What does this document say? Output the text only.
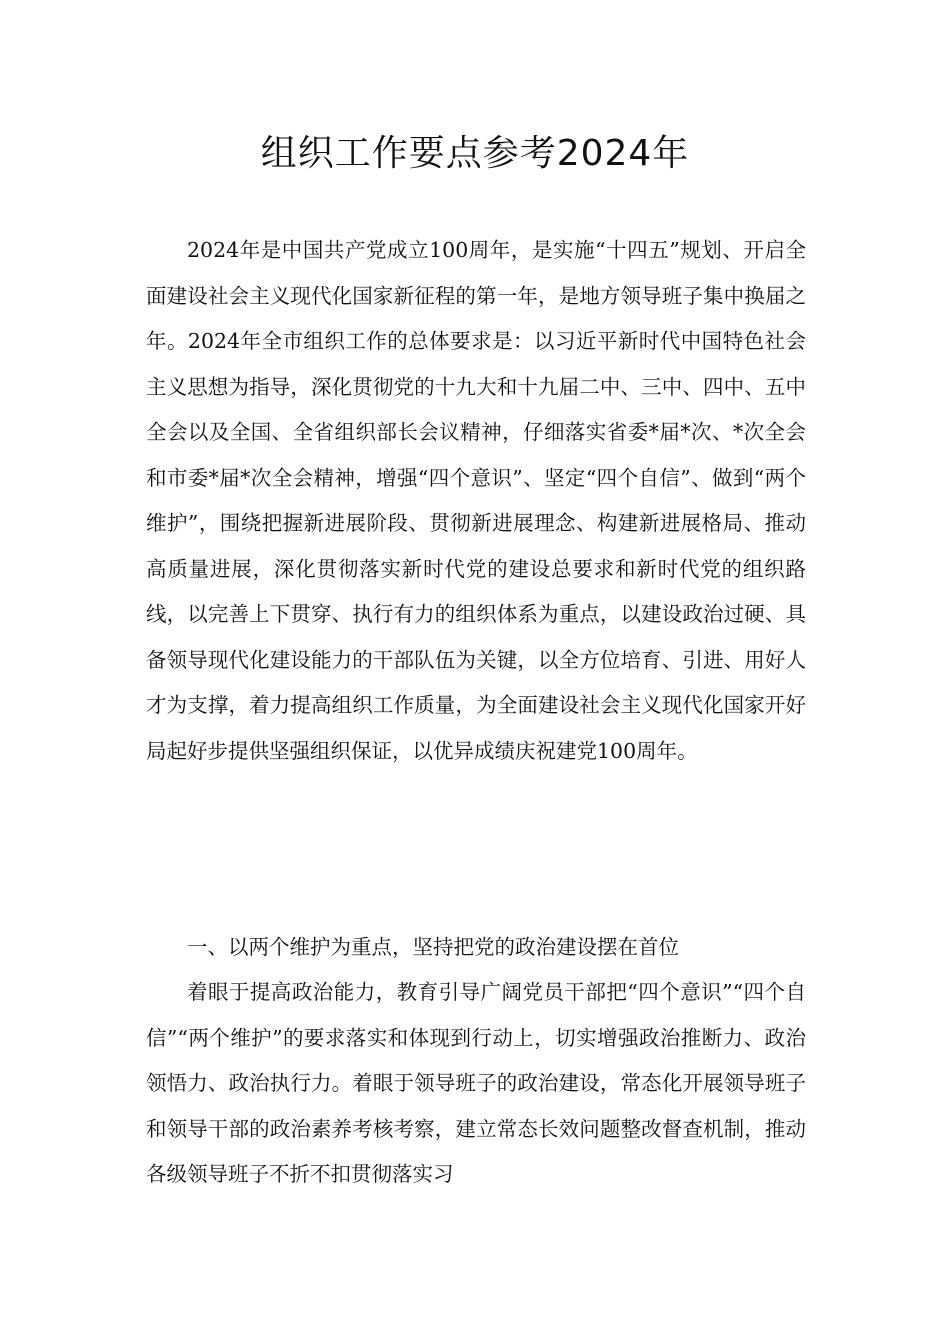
组织工作要点参考2024年

2024年是中国共产党成立100周年，是实施“十四五”规划、开启全面建设社会主义现代化国家新征程的第一年，是地方领导班子集中换届之年。2024年全市组织工作的总体要求是：以习近平新时代中国特色社会主义思想为指导，深化贯彻党的十九大和十九届二中、三中、四中、五中全会以及全国、全省组织部长会议精神，仔细落实省委*届*次、*次全会和市委*届*次全会精神，增强“四个意识”、坚定“四个自信”、做到“两个维护”，围绕把握新进展阶段、贯彻新进展理念、构建新进展格局、推动高质量进展，深化贯彻落实新时代党的建设总要求和新时代党的组织路线，以完善上下贯穿、执行有力的组织体系为重点，以建设政治过硬、具备领导现代化建设能力的干部队伍为关键，以全方位培育、引进、用好人才为支撑，着力提高组织工作质量，为全面建设社会主义现代化国家开好局起好步提供坚强组织保证，以优异成绩庆祝建党100周年。

一、以两个维护为重点，坚持把党的政治建设摆在首位

着眼于提高政治能力，教育引导广阔党员干部把“四个意识”“四个自信”“两个维护”的要求落实和体现到行动上，切实增强政治推断力、政治领悟力、政治执行力。着眼于领导班子的政治建设，常态化开展领导班子和领导干部的政治素养考核考察，建立常态长效问题整改督查机制，推动各级领导班子不折不扣贯彻落实习
